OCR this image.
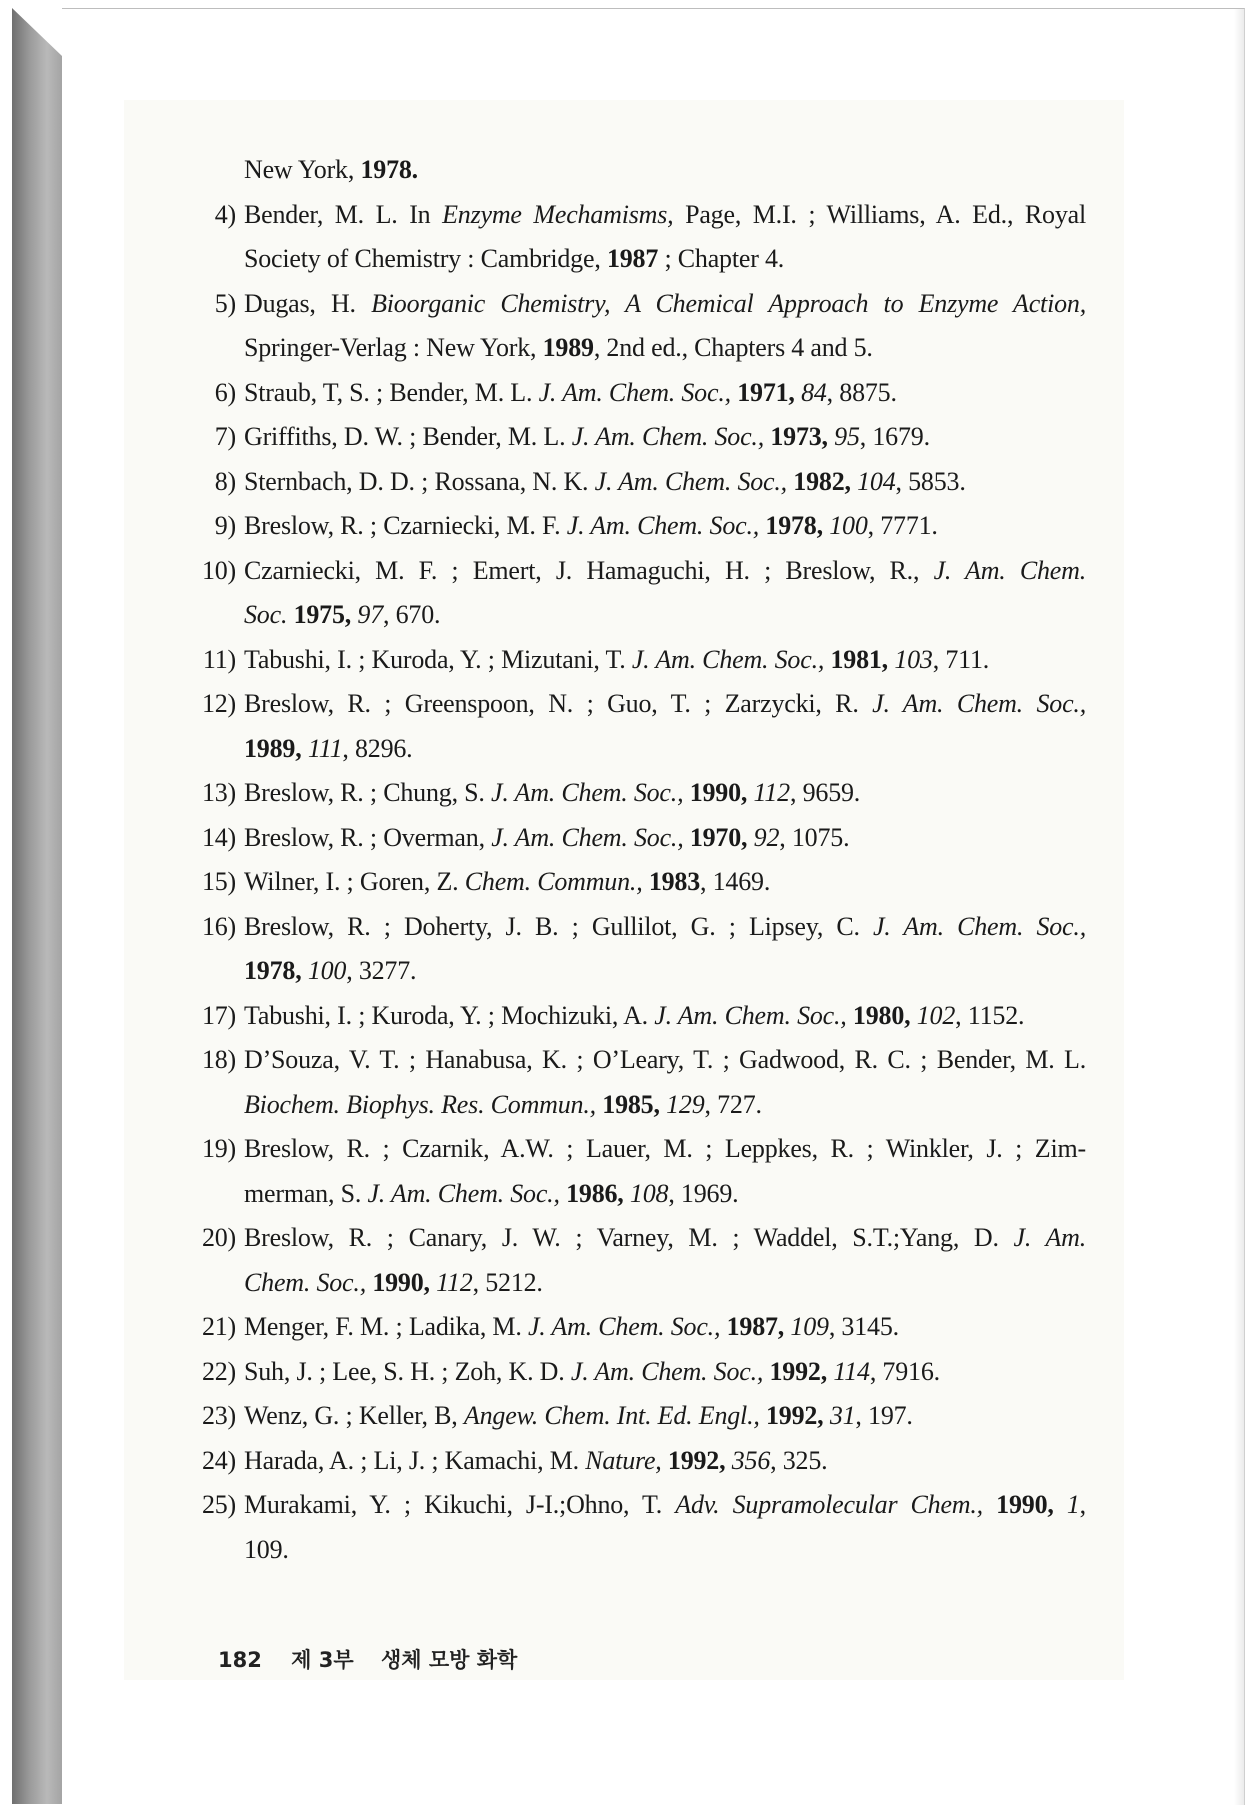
New York, 1978.
4) Bender, M. L. In Enzyme Mechamisms, Page, M.I. ; Williams, A. Ed., Royal
Society of Chemistry : Cambridge, 1987 ; Chapter 4.
5) Dugas, H. Bioorganic Chemistry, A Chemical Approach to Enzyme Action,
Springer-Verlag : New York, 1989, 2nd ed., Chapters 4 and 5.
6) Straub, T, S. ; Bender, M. L. J. Am. Chem. Soc., 1971, 84, 8875.
7) Griffiths, D. W. ; Bender, M. L. J. Am. Chem. Soc., 1973, 95, 1679.
8) Sternbach, D. D. ; Rossana, N. K. J. Am. Chem. Soc., 1982, 104, 5853.
9) Breslow, R. ; Czarniecki, M. F. J. Am. Chem. Soc., 1978, 100, 7771.
10) Czarniecki, M. F. ; Emert, J. Hamaguchi, H. ; Breslow, R., J. Am. Chem.
Soc. 1975, 97, 670.
11) Tabushi, I. ; Kuroda, Y. ; Mizutani, T. J. Am. Chem. Soc., 1981, 103, 711.
12) Breslow, R. ; Greenspoon, N. ; Guo, T. ; Zarzycki, R. J. Am. Chem. Soc.,
1989, 111, 8296.
13) Breslow, R. ; Chung, S. J. Am. Chem. Soc., 1990, 112, 9659.
14) Breslow, R. ; Overman, J. Am. Chem. Soc., 1970, 92, 1075.
15) Wilner, I. ; Goren, Z. Chem. Commun., 1983, 1469.
16) Breslow, R. ; Doherty, J. B. ; Gullilot, G. ; Lipsey, C. J. Am. Chem. Soc.,
1978, 100, 3277.
17) Tabushi, I. ; Kuroda, Y. ; Mochizuki, A. J. Am. Chem. Soc., 1980, 102, 1152.
18) D’Souza, V. T. ; Hanabusa, K. ; O’Leary, T. ; Gadwood, R. C. ; Bender, M. L.
Biochem. Biophys. Res. Commun., 1985, 129, 727.
19) Breslow, R. ; Czarnik, A.W. ; Lauer, M. ; Leppkes, R. ; Winkler, J. ; Zim-
merman, S. J. Am. Chem. Soc., 1986, 108, 1969.
20) Breslow, R. ; Canary, J. W. ; Varney, M. ; Waddel, S.T.;Yang, D. J. Am.
Chem. Soc., 1990, 112, 5212.
21) Menger, F. M. ; Ladika, M. J. Am. Chem. Soc., 1987, 109, 3145.
22) Suh, J. ; Lee, S. H. ; Zoh, K. D. J. Am. Chem. Soc., 1992, 114, 7916.
23) Wenz, G. ; Keller, B, Angew. Chem. Int. Ed. Engl., 1992, 31, 197.
24) Harada, A. ; Li, J. ; Kamachi, M. Nature, 1992, 356, 325.
25) Murakami, Y. ; Kikuchi, J-I.;Ohno, T. Adv. Supramolecular Chem., 1990, 1,
109.
182 제 3부 생체 모방 화학
